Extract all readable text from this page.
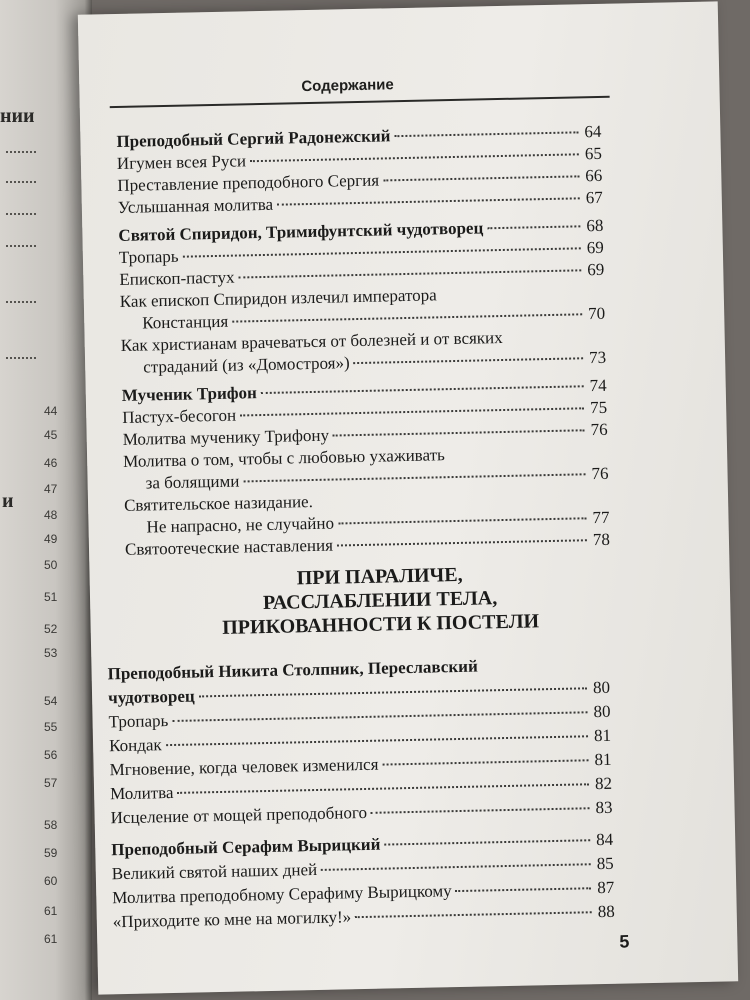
нии
и
44
45
46
47
48
49
50
51
52
53
54
55
56
57
58
59
60
61
61
Содержание
Преподобный Сергий Радонежский	64
Игумен всея Руси	65
Преставление преподобного Сергия	66
Услышанная молитва	67
Святой Спиридон, Тримифунтский чудотворец	68
Тропарь	69
Епископ-пастух	69
Как епископ Спиридон излечил императора
Констанция	70
Как христианам врачеваться от болезней и от всяких
страданий (из «Домостроя»)	73
Мученик Трифон	74
Пастух-бесогон	75
Молитва мученику Трифону	76
Молитва о том, чтобы с любовью ухаживать
за болящими	76
Святительское назидание.
Не напрасно, не случайно	77
Святоотеческие наставления	78
ПРИ ПАРАЛИЧЕ,
РАССЛАБЛЕНИИ ТЕЛА,
ПРИКОВАННОСТИ К ПОСТЕЛИ
Преподобный Никита Столпник, Переславский
чудотворец	80
Тропарь	80
Кондак	81
Мгновение, когда человек изменился	81
Молитва	82
Исцеление от мощей преподобного	83
Преподобный Серафим Вырицкий	84
Великий святой наших дней	85
Молитва преподобному Серафиму Вырицкому	87
«Приходите ко мне на могилку!»	88
5
